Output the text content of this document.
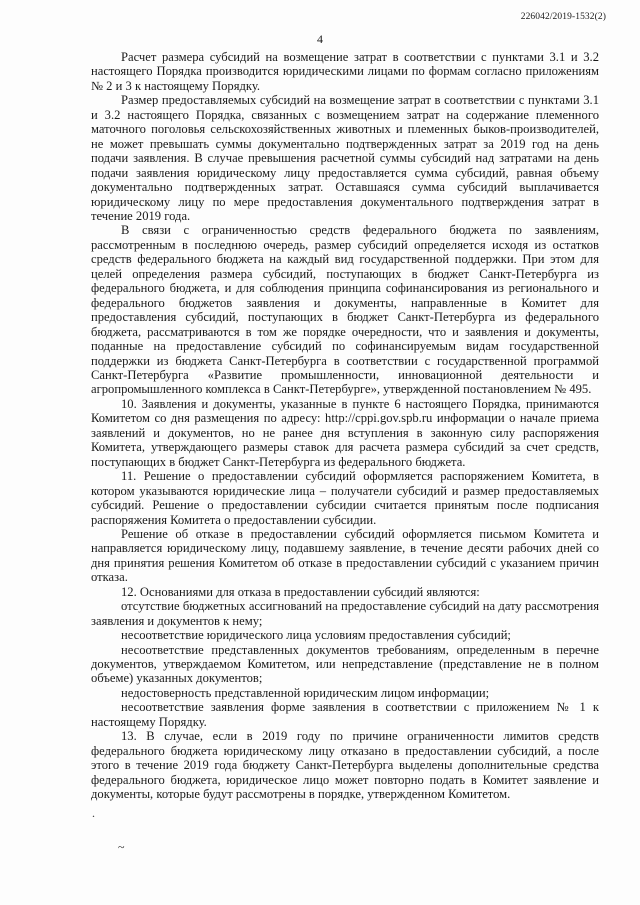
226042/2019-1532(2)
4

Расчет размера субсидий на возмещение затрат в соответствии с пунктами 3.1 и 3.2 настоящего Порядка производится юридическими лицами по формам согласно приложениям № 2 и 3 к настоящему Порядку.

Размер предоставляемых субсидий на возмещение затрат в соответствии с пунктами 3.1 и 3.2 настоящего Порядка, связанных с возмещением затрат на содержание племенного маточного поголовья сельскохозяйственных животных и племенных быков-производителей, не может превышать суммы документально подтвержденных затрат за 2019 год на день подачи заявления. В случае превышения расчетной суммы субсидий над затратами на день подачи заявления юридическому лицу предоставляется сумма субсидий, равная объему документально подтвержденных затрат. Оставшаяся сумма субсидий выплачивается юридическому лицу по мере предоставления документального подтверждения затрат в течение 2019 года.

В связи с ограниченностью средств федерального бюджета по заявлениям, рассмотренным в последнюю очередь, размер субсидий определяется исходя из остатков средств федерального бюджета на каждый вид государственной поддержки. При этом для целей определения размера субсидий, поступающих в бюджет Санкт-Петербурга из федерального бюджета, и для соблюдения принципа софинансирования из регионального и федерального бюджетов заявления и документы, направленные в Комитет для предоставления субсидий, поступающих в бюджет Санкт-Петербурга из федерального бюджета, рассматриваются в том же порядке очередности, что и заявления и документы, поданные на предоставление субсидий по софинансируемым видам государственной поддержки из бюджета Санкт-Петербурга в соответствии с государственной программой Санкт-Петербурга «Развитие промышленности, инновационной деятельности и агропромышленного комплекса в Санкт-Петербурге», утвержденной постановлением № 495.

10. Заявления и документы, указанные в пункте 6 настоящего Порядка, принимаются Комитетом со дня размещения по адресу: http://cppi.gov.spb.ru информации о начале приема заявлений и документов, но не ранее дня вступления в законную силу распоряжения Комитета, утверждающего размеры ставок для расчета размера субсидий за счет средств, поступающих в бюджет Санкт-Петербурга из федерального бюджета.

11. Решение о предоставлении субсидий оформляется распоряжением Комитета, в котором указываются юридические лица – получатели субсидий и размер предоставляемых субсидий. Решение о предоставлении субсидии считается принятым после подписания распоряжения Комитета о предоставлении субсидии.

Решение об отказе в предоставлении субсидий оформляется письмом Комитета и направляется юридическому лицу, подавшему заявление, в течение десяти рабочих дней со дня принятия решения Комитетом об отказе в предоставлении субсидий с указанием причин отказа.

12. Основаниями для отказа в предоставлении субсидий являются:

отсутствие бюджетных ассигнований на предоставление субсидий на дату рассмотрения заявления и документов к нему;

несоответствие юридического лица условиям предоставления субсидий;

несоответствие представленных документов требованиям, определенным в перечне документов, утверждаемом Комитетом, или непредставление (представление не в полном объеме) указанных документов;

недостоверность представленной юридическим лицом информации;

несоответствие заявления форме заявления в соответствии с приложением № 1 к настоящему Порядку.

13. В случае, если в 2019 году по причине ограниченности лимитов средств федерального бюджета юридическому лицу отказано в предоставлении субсидий, а после этого в течение 2019 года бюджету Санкт-Петербурга выделены дополнительные средства федерального бюджета, юридическое лицо может повторно подать в Комитет заявление и документы, которые будут рассмотрены в порядке, утвержденном Комитетом.

.
~
